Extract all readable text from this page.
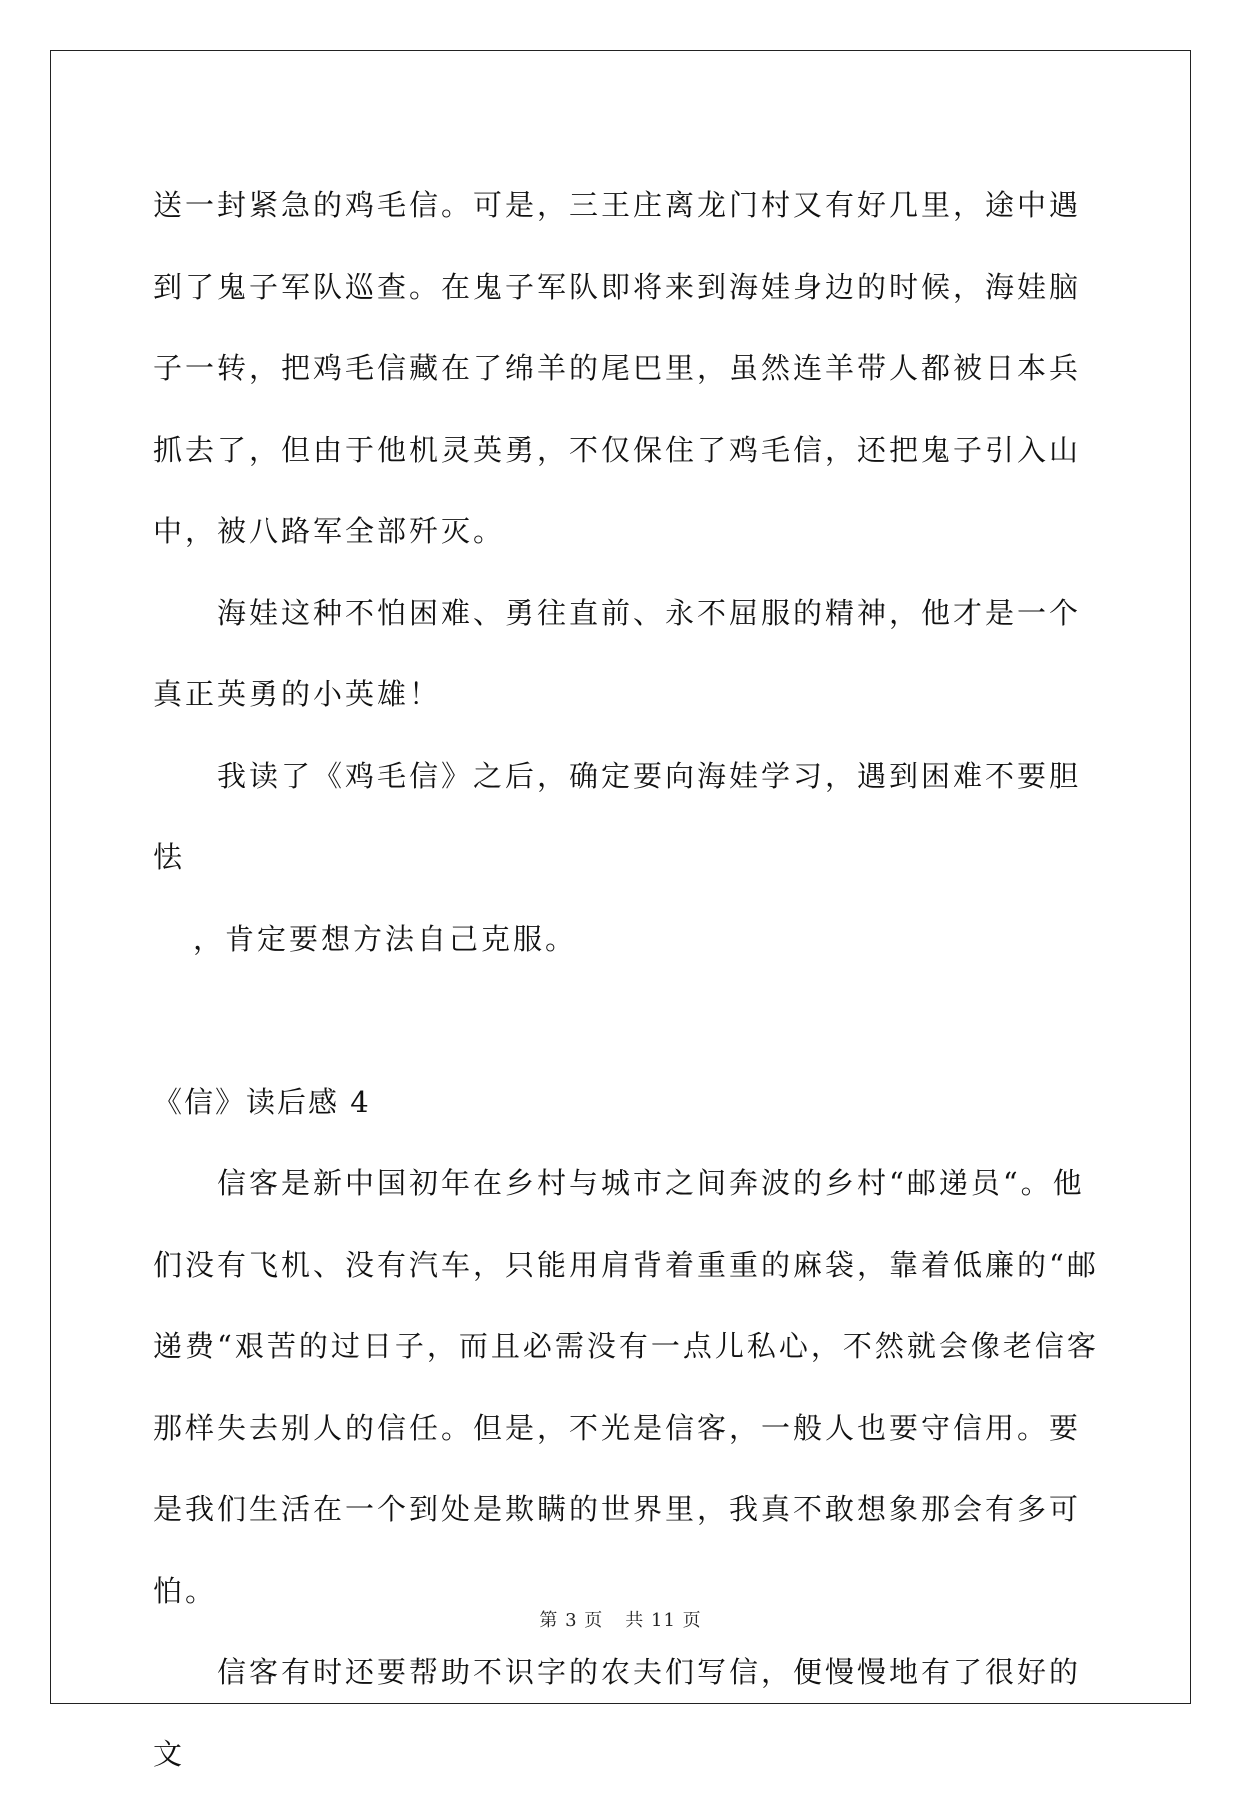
送一封紧急的鸡毛信。可是，三王庄离龙门村又有好几里，途中遇到了鬼子军队巡查。在鬼子军队即将来到海娃身边的时候，海娃脑子一转，把鸡毛信藏在了绵羊的尾巴里，虽然连羊带人都被日本兵抓去了，但由于他机灵英勇，不仅保住了鸡毛信，还把鬼子引入山中，被八路军全部歼灭。

海娃这种不怕困难、勇往直前、永不屈服的精神，他才是一个真正英勇的小英雄！

我读了《鸡毛信》之后，确定要向海娃学习，遇到困难不要胆怯

，肯定要想方法自己克服。

《信》读后感 4

信客是新中国初年在乡村与城市之间奔波的乡村“邮递员“。他们没有飞机、没有汽车，只能用肩背着重重的麻袋，靠着低廉的“邮递费“艰苦的过日子，而且必需没有一点儿私心，不然就会像老信客那样失去别人的信任。但是，不光是信客，一般人也要守信用。要是我们生活在一个到处是欺瞒的世界里，我真不敢想象那会有多可怕。

信客有时还要帮助不识字的农夫们写信，便慢慢地有了很好的文

第 3 页 共 11 页
